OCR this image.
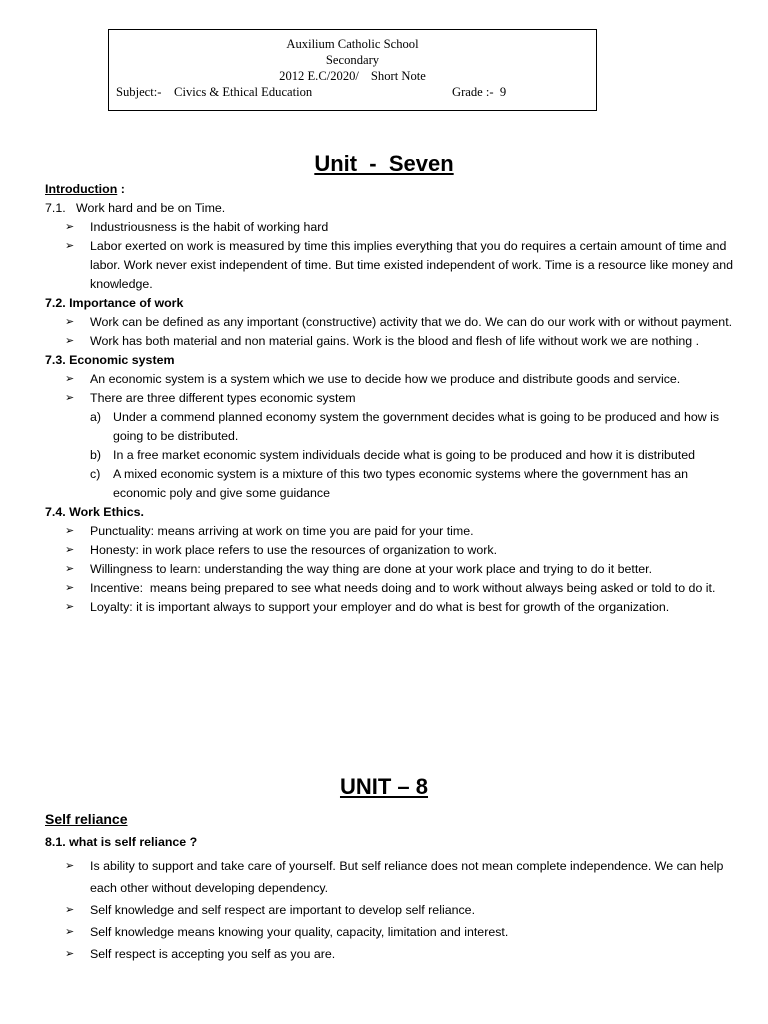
Auxilium Catholic School
Secondary
2012 E.C/2020/ Short Note
Subject:-    Civics & Ethical Education	Grade :-  9
Unit  -  Seven
Introduction :
7.1.   Work hard and be on Time.
➢	Industriousness is the habit of working hard
➢	Labor exerted on work is measured by time this implies everything that you do requires a certain amount of time and labor. Work never exist independent of time. But time existed independent of work. Time is a resource like money and knowledge.
7.2. Importance of work
➢	Work can be defined as any important (constructive) activity that we do. We can do our work with or without payment.
➢	Work has both material and non material gains. Work is the blood and flesh of life without work we are nothing .
7.3. Economic system
➢	An economic system is a system which we use to decide how we produce and distribute goods and service.
➢	There are three different types economic system
a) Under a commend planned economy system the government decides what is going to be produced and how is going to be distributed.
b) In a free market economic system individuals decide what is going to be produced and how it is distributed
c) A mixed economic system is a mixture of this two types economic systems where the government has an economic poly and give some guidance
7.4. Work Ethics.
➢	Punctuality: means arriving at work on time you are paid for your time.
➢	Honesty: in work place refers to use the resources of organization to work.
➢	Willingness to learn: understanding the way thing are done at your work place and trying to do it better.
➢	Incentive:  means being prepared to see what needs doing and to work without always being asked or told to do it.
➢	Loyalty: it is important always to support your employer and do what is best for growth of the organization.
UNIT – 8
Self reliance
8.1. what is self reliance ?
➢	Is ability to support and take care of yourself. But self reliance does not mean complete independence. We can help each other without developing dependency.
➢	Self knowledge and self respect are important to develop self reliance.
➢	Self knowledge means knowing your quality, capacity, limitation and interest.
➢	Self respect is accepting you self as you are.
